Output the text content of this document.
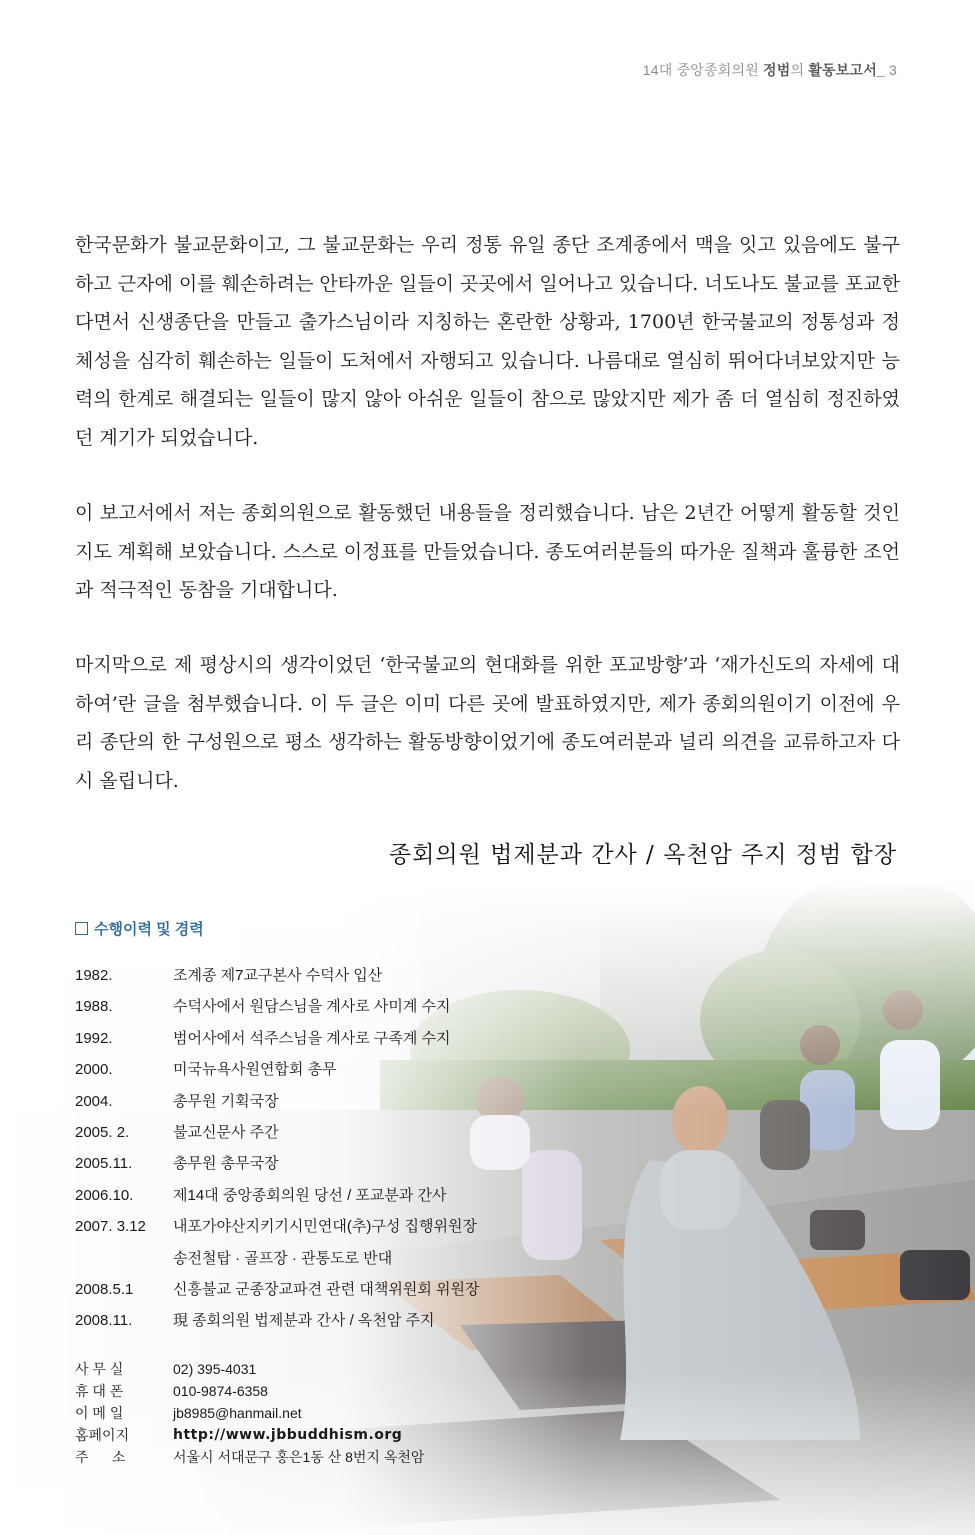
14대 중앙종회의원 정범의 활동보고서_ 3

한국문화가 불교문화이고, 그 불교문화는 우리 정통 유일 종단 조계종에서 맥을 잇고 있음에도 불구하고 근자에 이를 훼손하려는 안타까운 일들이 곳곳에서 일어나고 있습니다. 너도나도 불교를 포교한다면서 신생종단을 만들고 출가스님이라 지칭하는 혼란한 상황과, 1700년 한국불교의 정통성과 정체성을 심각히 훼손하는 일들이 도처에서 자행되고 있습니다. 나름대로 열심히 뛰어다녀보았지만 능력의 한계로 해결되는 일들이 많지 않아 아쉬운 일들이 참으로 많았지만 제가 좀 더 열심히 정진하였던 계기가 되었습니다.

이 보고서에서 저는 종회의원으로 활동했던 내용들을 정리했습니다. 남은 2년간 어떻게 활동할 것인지도 계획해 보았습니다. 스스로 이정표를 만들었습니다. 종도여러분들의 따가운 질책과 훌륭한 조언과 적극적인 동참을 기대합니다.

마지막으로 제 평상시의 생각이었던 ‘한국불교의 현대화를 위한 포교방향’과 ‘재가신도의 자세에 대하여’란 글을 첨부했습니다. 이 두 글은 이미 다른 곳에 발표하였지만, 제가 종회의원이기 이전에 우리 종단의 한 구성원으로 평소 생각하는 활동방향이었기에 종도여러분과 널리 의견을 교류하고자 다시 올립니다.

종회의원 법제분과 간사 / 옥천암 주지 정범 합장
수행이력 및 경력
1982.	조계종 제7교구본사 수덕사 입산
1988.	수덕사에서 원담스님을 계사로 사미계 수지
1992.	범어사에서 석주스님을 계사로 구족계 수지
2000.	미국뉴욕사원연합회 총무
2004.	총무원 기획국장
2005. 2.	불교신문사 주간
2005.11.	총무원 총무국장
2006.10.	제14대 중앙종회의원 당선 / 포교분과 간사
2007. 3.12	내포가야산지키기시민연대(추)구성 집행위원장
송전철탑 · 골프장 · 관통도로 반대
2008.5.1	신흥불교 군종장교파견 관련 대책위원회 위원장
2008.11.	現 종회의원 법제분과 간사 / 옥천암 주지
사 무 실	02) 395-4031
휴 대 폰	010-9874-6358
이 메 일	jb8985@hanmail.net
홈페이지	http://www.jbbuddhism.org
주      소	서울시 서대문구 홍은1동 산 8번지 옥천암
